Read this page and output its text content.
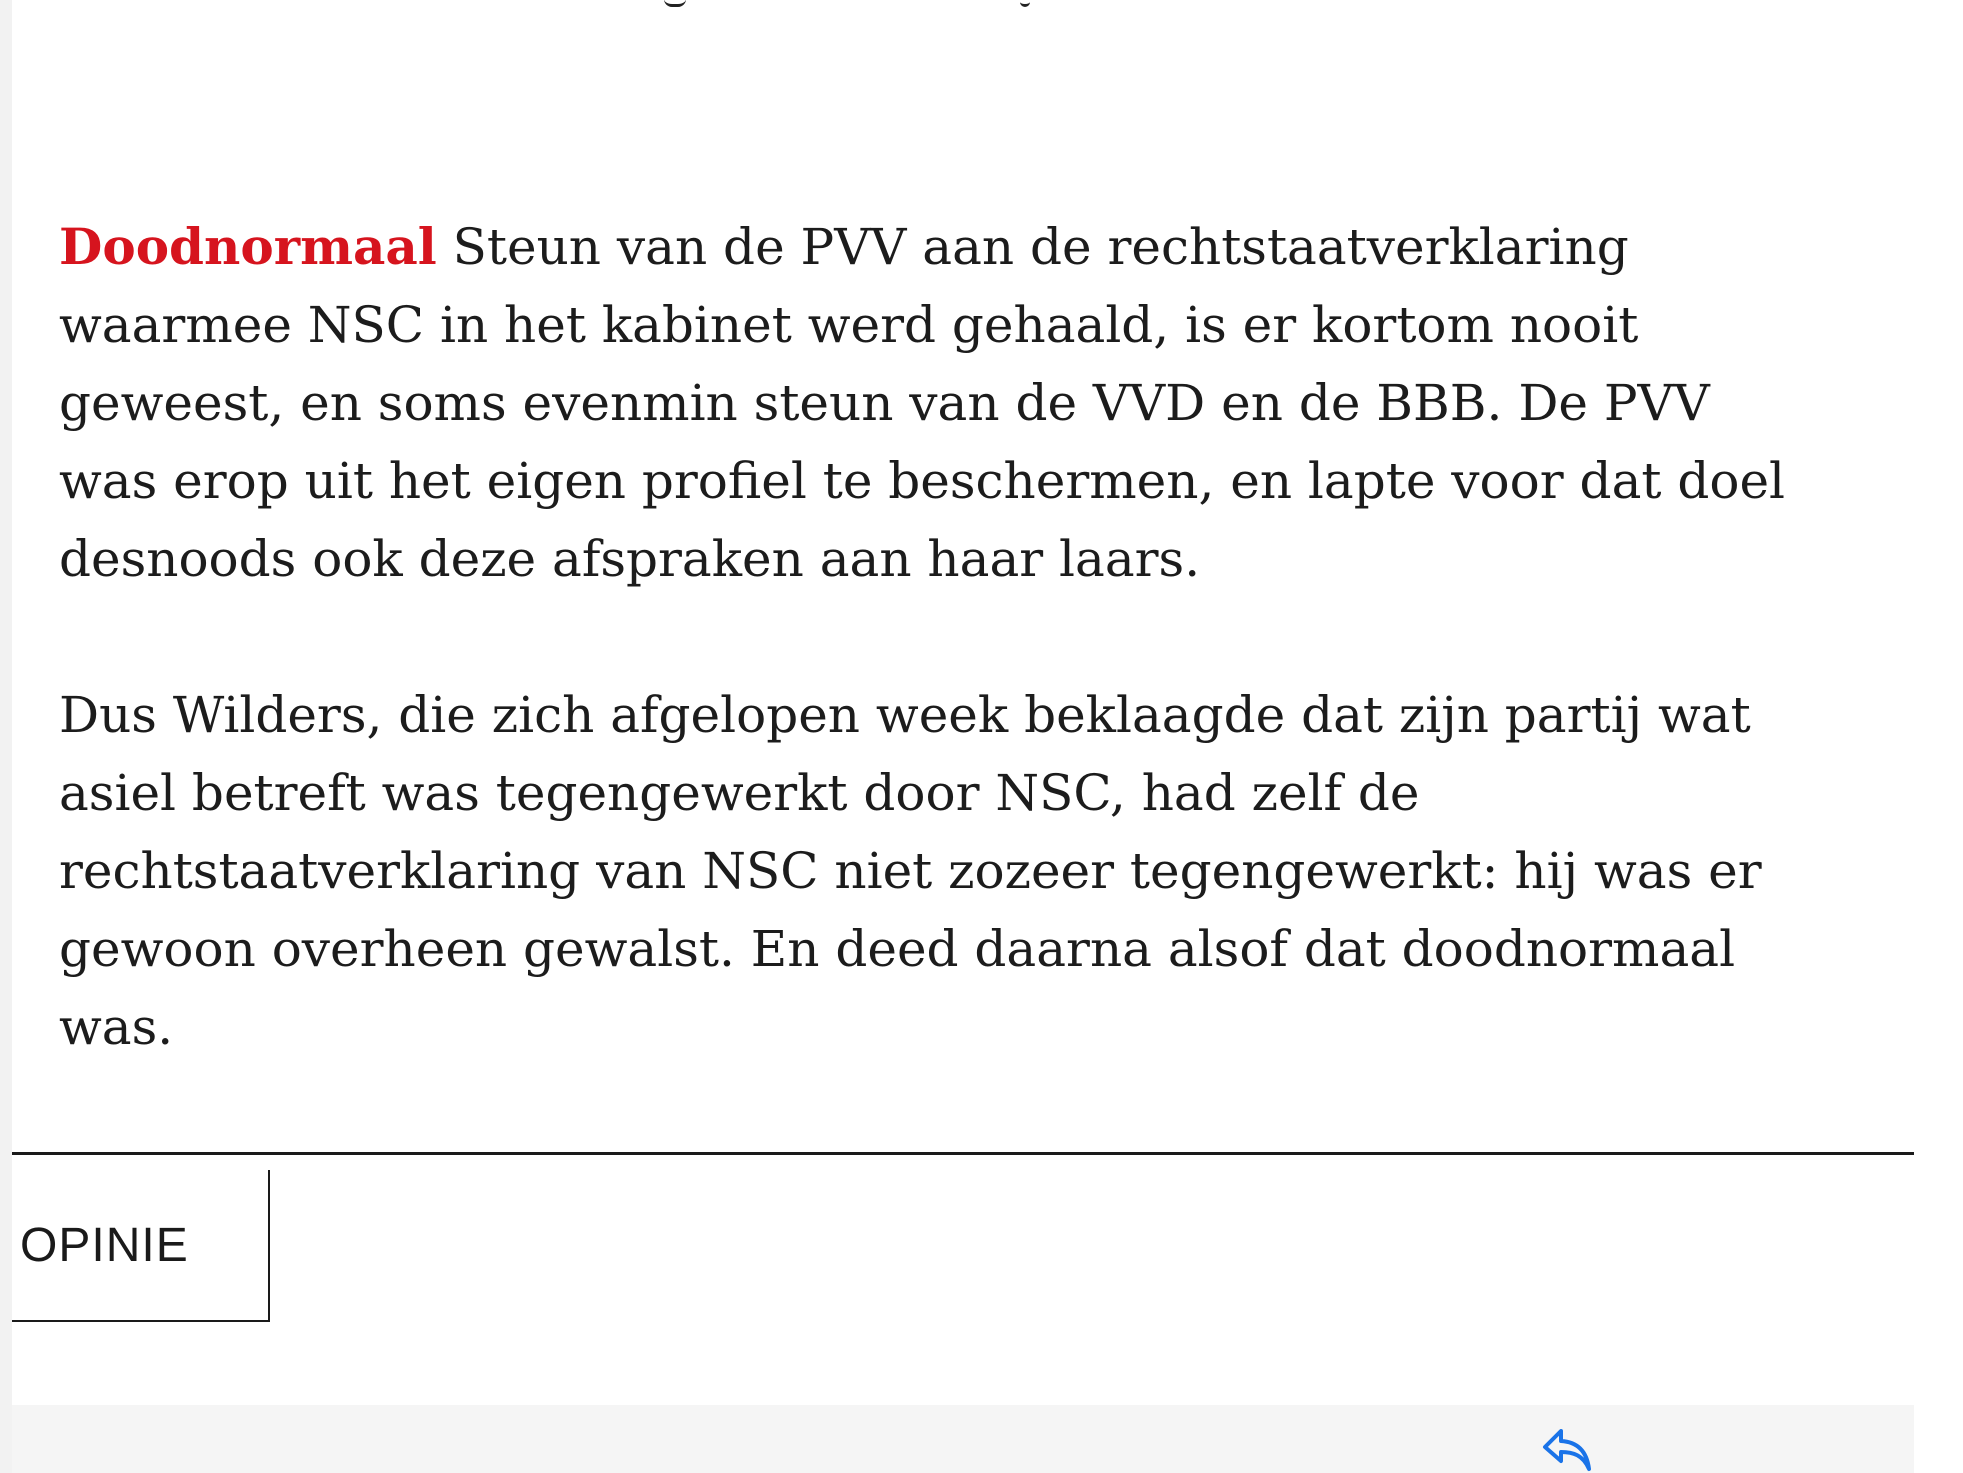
Doodnormaal Steun van de PVV aan de rechtstaatverklaring waarmee NSC in het kabinet werd gehaald, is er kortom nooit geweest, en soms evenmin steun van de VVD en de BBB. De PVV was erop uit het eigen profiel te beschermen, en lapte voor dat doel desnoods ook deze afspraken aan haar laars.

Dus Wilders, die zich afgelopen week beklaagde dat zijn partij wat asiel betreft was tegengewerkt door NSC, had zelf de rechtstaatverklaring van NSC niet zozeer tegengewerkt: hij was er gewoon overheen gewalst. En deed daarna alsof dat doodnormaal was.

OPINIE
